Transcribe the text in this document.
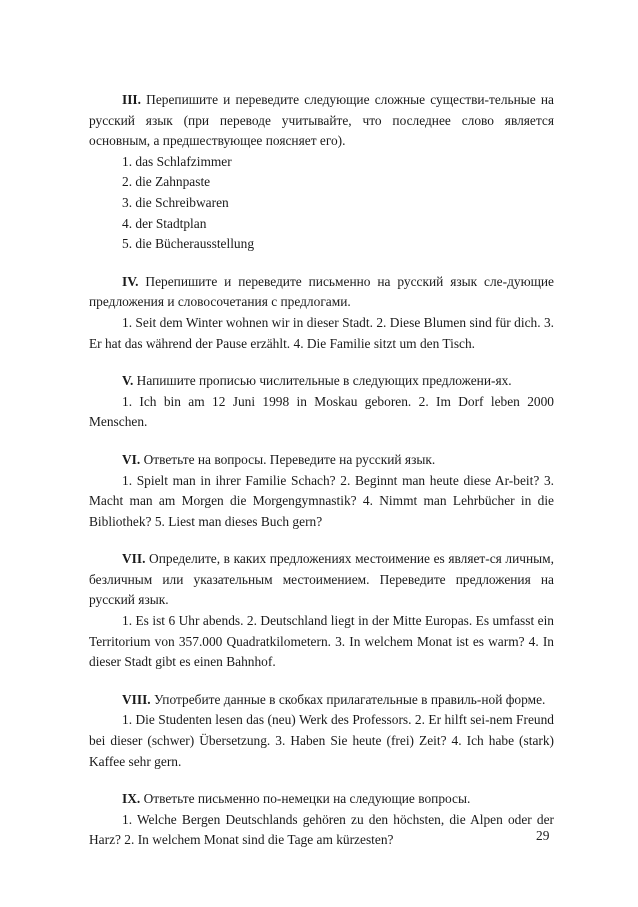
III. Перепишите и переведите следующие сложные существи-тельные на русский язык (при переводе учитывайте, что последнее слово является основным, а предшествующее поясняет его).
1. das Schlafzimmer
2. die Zahnpaste
3. die Schreibwaren
4. der Stadtplan
5. die Bücherausstellung
IV. Перепишите и переведите письменно на русский язык сле-дующие предложения и словосочетания с предлогами.
1. Seit dem Winter wohnen wir in dieser Stadt. 2. Diese Blumen sind für dich. 3. Er hat das während der Pause erzählt. 4. Die Familie sitzt um den Tisch.
V. Напишите прописью числительные в следующих предложени-ях.
1. Ich bin am 12 Juni 1998 in Moskau geboren. 2. Im Dorf leben 2000 Menschen.
VI. Ответьте на вопросы. Переведите на русский язык.
1. Spielt man in ihrer Familie Schach? 2. Beginnt man heute diese Ar-beit? 3. Macht man am Morgen die Morgengymnastik? 4. Nimmt man Lehrbücher in die Bibliothek? 5. Liest man dieses Buch gern?
VII. Определите, в каких предложениях местоимение es являет-ся личным, безличным или указательным местоимением. Переведите предложения на русский язык.
1. Es ist 6 Uhr abends. 2. Deutschland liegt in der Mitte Europas. Es umfasst ein Territorium von 357.000 Quadratkilometern. 3. In welchem Monat ist es warm? 4. In dieser Stadt gibt es einen Bahnhof.
VIII. Употребите данные в скобках прилагательные в правиль-ной форме.
1. Die Studenten lesen das (neu) Werk des Professors. 2. Er hilft sei-nem Freund bei dieser (schwer) Übersetzung. 3. Haben Sie heute (frei) Zeit? 4. Ich habe (stark) Kaffee sehr gern.
IX. Ответьте письменно по-немецки на следующие вопросы.
1. Welche Bergen Deutschlands gehören zu den höchsten, die Alpen oder der Harz? 2. In welchem Monat sind die Tage am kürzesten?	29
